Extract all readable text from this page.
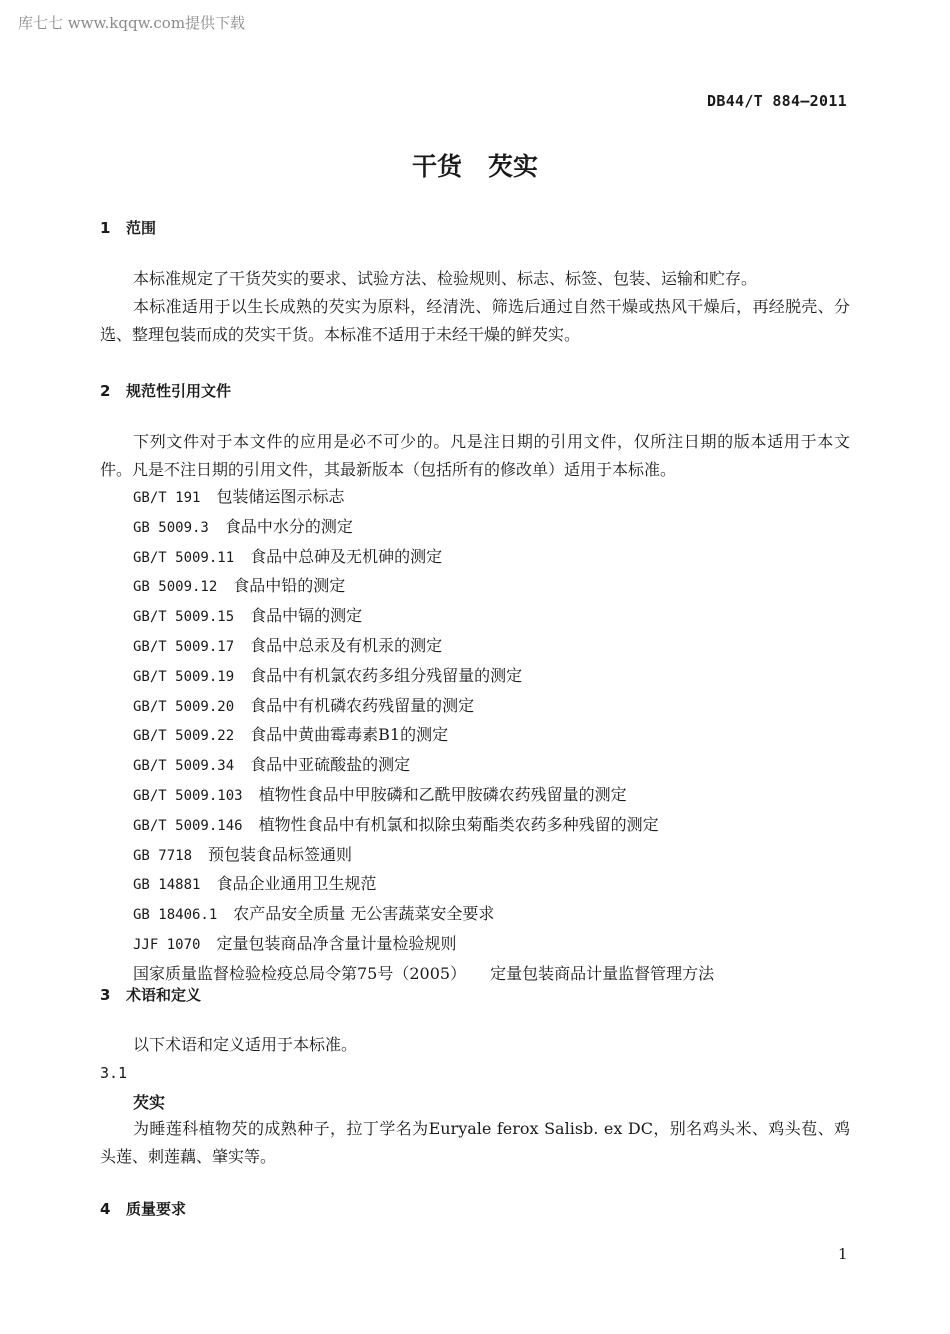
库七七 www.kqqw.com提供下载
DB44/T 884—2011
干货 芡实
1 范围

本标准规定了干货芡实的要求、试验方法、检验规则、标志、标签、包装、运输和贮存。

本标准适用于以生长成熟的芡实为原料，经清洗、筛选后通过自然干燥或热风干燥后，再经脱壳、分选、整理包装而成的芡实干货。本标准不适用于未经干燥的鲜芡实。

2 规范性引用文件

下列文件对于本文件的应用是必不可少的。凡是注日期的引用文件，仅所注日期的版本适用于本文件。凡是不注日期的引用文件，其最新版本（包括所有的修改单）适用于本标准。

GB/T 191 包装储运图示标志
GB 5009.3 食品中水分的测定
GB/T 5009.11 食品中总砷及无机砷的测定
GB 5009.12 食品中铅的测定
GB/T 5009.15 食品中镉的测定
GB/T 5009.17 食品中总汞及有机汞的测定
GB/T 5009.19 食品中有机氯农药多组分残留量的测定
GB/T 5009.20 食品中有机磷农药残留量的测定
GB/T 5009.22 食品中黄曲霉毒素B1的测定
GB/T 5009.34 食品中亚硫酸盐的测定
GB/T 5009.103 植物性食品中甲胺磷和乙酰甲胺磷农药残留量的测定
GB/T 5009.146 植物性食品中有机氯和拟除虫菊酯类农药多种残留的测定
GB 7718 预包装食品标签通则
GB 14881 食品企业通用卫生规范
GB 18406.1 农产品安全质量 无公害蔬菜安全要求
JJF 1070 定量包装商品净含量计量检验规则
国家质量监督检验检疫总局令第75号（2005） 定量包装商品计量监督管理方法
3 术语和定义

以下术语和定义适用于本标准。

3.1
芡实

为睡莲科植物芡的成熟种子，拉丁学名为Euryale ferox Salisb. ex DC，别名鸡头米、鸡头苞、鸡头莲、刺莲藕、肇实等。

4 质量要求
1
